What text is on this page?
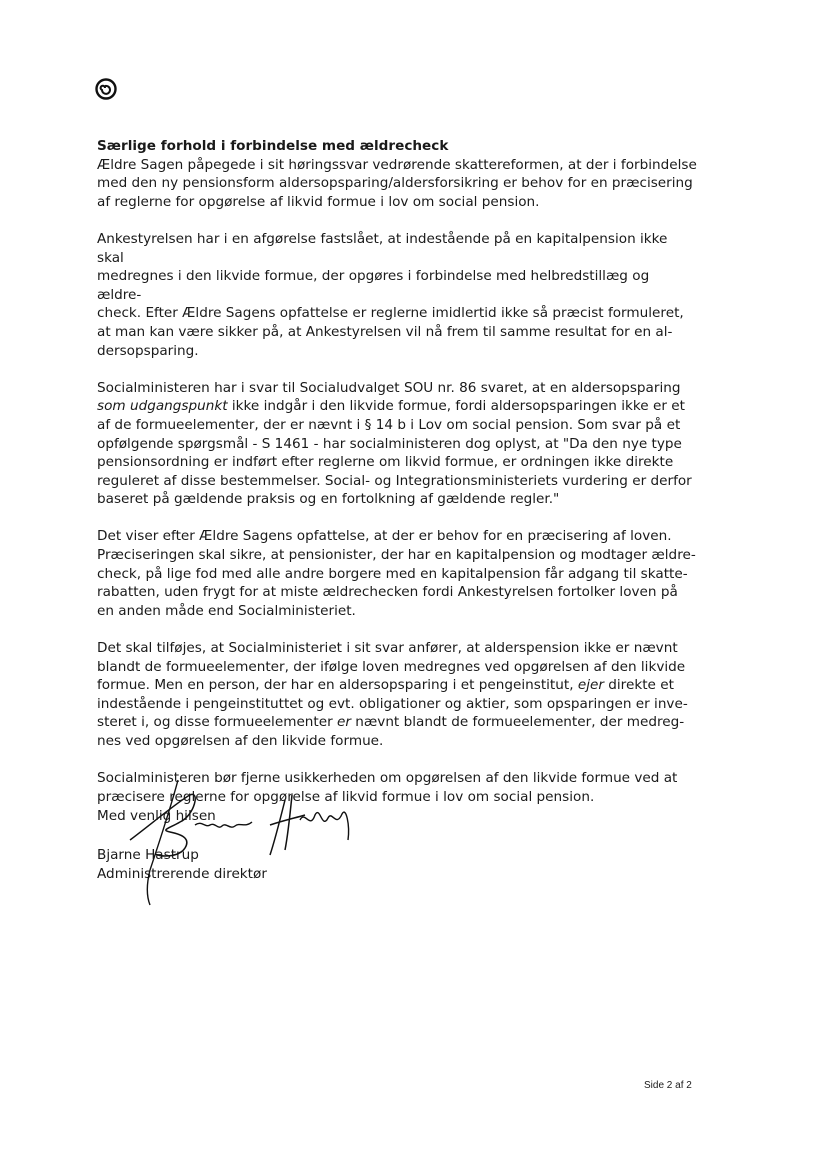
Særlige forhold i forbindelse med ældrecheck

Ældre Sagen påpegede i sit høringssvar vedrørende skattereformen, at der i forbindelse
med den ny pensionsform aldersopsparing/aldersforsikring er behov for en præcisering
af reglerne for opgørelse af likvid formue i lov om social pension.
Ankestyrelsen har i en afgørelse fastslået, at indestående på en kapitalpension ikke skal
medregnes i den likvide formue, der opgøres i forbindelse med helbredstillæg og ældre-
check. Efter Ældre Sagens opfattelse er reglerne imidlertid ikke så præcist formuleret,
at man kan være sikker på, at Ankestyrelsen vil nå frem til samme resultat for en al-
dersopsparing.
Socialministeren har i svar til Socialudvalget SOU nr. 86 svaret, at en aldersopsparing
som udgangspunkt ikke indgår i den likvide formue, fordi aldersopsparingen ikke er et
af de formueelementer, der er nævnt i § 14 b i Lov om social pension. Som svar på et
opfølgende spørgsmål - S 1461 - har socialministeren dog oplyst, at "Da den nye type
pensionsordning er indført efter reglerne om likvid formue, er ordningen ikke direkte
reguleret af disse bestemmelser. Social- og Integrationsministeriets vurdering er derfor
baseret på gældende praksis og en fortolkning af gældende regler."
Det viser efter Ældre Sagens opfattelse, at der er behov for en præcisering af loven.
Præciseringen skal sikre, at pensionister, der har en kapitalpension og modtager ældre-
check, på lige fod med alle andre borgere med en kapitalpension får adgang til skatte-
rabatten, uden frygt for at miste ældrechecken fordi Ankestyrelsen fortolker loven på
en anden måde end Socialministeriet.
Det skal tilføjes, at Socialministeriet i sit svar anfører, at alderspension ikke er nævnt
blandt de formueelementer, der ifølge loven medregnes ved opgørelsen af den likvide
formue. Men en person, der har en aldersopsparing i et pengeinstitut, ejer direkte et
indestående i pengeinstituttet og evt. obligationer og aktier, som opsparingen er inve-
steret i, og disse formueelementer er nævnt blandt de formueelementer, der medreg-
nes ved opgørelsen af den likvide formue.
Socialministeren bør fjerne usikkerheden om opgørelsen af den likvide formue ved at
præcisere reglerne for opgørelse af likvid formue i lov om social pension.
Med venlig hilsen
Bjarne Hastrup
Administrerende direktør
Side 2 af 2
